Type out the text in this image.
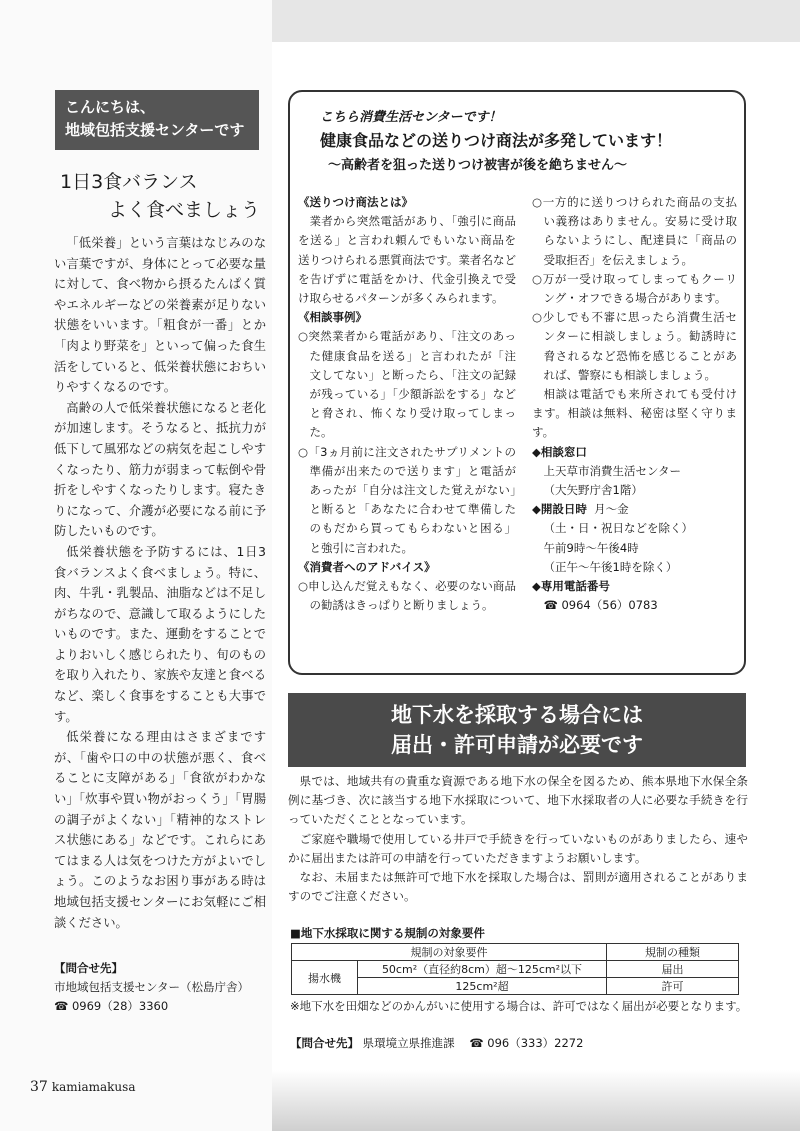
こんにちは、
地域包括支援センターです
1日3食バランス
よく食べましょう

「低栄養」という言葉はなじみのない言葉ですが、身体にとって必要な量に対して、食べ物から摂るたんぱく質やエネルギーなどの栄養素が足りない状態をいいます。「粗食が一番」とか「肉より野菜を」といって偏った食生活をしていると、低栄養状態におちいりやすくなるのです。

高齢の人で低栄養状態になると老化が加速します。そうなると、抵抗力が低下して風邪などの病気を起こしやすくなったり、筋力が弱まって転倒や骨折をしやすくなったりします。寝たきりになって、介護が必要になる前に予防したいものです。

低栄養状態を予防するには、1日3食バランスよく食べましょう。特に、肉、牛乳・乳製品、油脂などは不足しがちなので、意識して取るようにしたいものです。また、運動をすることでよりおいしく感じられたり、旬のものを取り入れたり、家族や友達と食べるなど、楽しく食事をすることも大事です。

低栄養になる理由はさまざまですが、「歯や口の中の状態が悪く、食べることに支障がある」「食欲がわかない」「炊事や買い物がおっくう」「胃腸の調子がよくない」「精神的なストレス状態にある」などです。これらにあてはまる人は気をつけた方がよいでしょう。このようなお困り事がある時は地域包括支援センターにお気軽にご相談ください。

【問合せ先】
市地域包括支援センター（松島庁舎）
☎ 0969（28）3360
37 kamiamakusa
こちら消費生活センターです！
健康食品などの送りつけ商法が多発しています！
～高齢者を狙った送りつけ被害が後を絶ちません～
《送りつけ商法とは》
業者から突然電話があり、「強引に商品を送る」と言われ頼んでもいない商品を送りつけられる悪質商法です。業者名などを告げずに電話をかけ、代金引換えで受け取らせるパターンが多くみられます。
《相談事例》
○突然業者から電話があり、「注文のあった健康食品を送る」と言われたが「注文してない」と断ったら、「注文の記録が残っている」「少額訴訟をする」などと脅され、怖くなり受け取ってしまった。
○「3ヵ月前に注文されたサプリメントの準備が出来たので送ります」と電話があったが「自分は注文した覚えがない」と断ると「あなたに合わせて準備したのもだから買ってもらわないと困る」と強引に言われた。
《消費者へのアドバイス》
○申し込んだ覚えもなく、必要のない商品の勧誘はきっぱりと断りましょう。
○一方的に送りつけられた商品の支払い義務はありません。安易に受け取らないようにし、配達員に「商品の受取拒否」を伝えましょう。
○万が一受け取ってしまってもクーリング・オフできる場合があります。
○少しでも不審に思ったら消費生活センターに相談しましょう。勧誘時に脅されるなど恐怖を感じることがあれば、警察にも相談しましょう。
相談は電話でも来所されても受付けます。相談は無料、秘密は堅く守ります。
◆相談窓口
上天草市消費生活センター
（大矢野庁舎1階）
◆開設日時 月～金
（土・日・祝日などを除く）
午前9時～午後4時
（正午～午後1時を除く）
◆専用電話番号
☎ 0964（56）0783
地下水を採取する場合には
届出・許可申請が必要です

県では、地域共有の貴重な資源である地下水の保全を図るため、熊本県地下水保全条例に基づき、次に該当する地下水採取について、地下水採取者の人に必要な手続きを行っていただくこととなっています。

ご家庭や職場で使用している井戸で手続きを行っていないものがありましたら、速やかに届出または許可の申請を行っていただきますようお願いします。

なお、未届または無許可で地下水を採取した場合は、罰則が適用されることがありますのでご注意ください。

■地下水採取に関する規制の対象要件
規制の対象要件		規制の種類
揚水機	50cm²（直径約8cm）超～125cm²以下	届出
	125cm²超	許可
※地下水を田畑などのかんがいに使用する場合は、許可ではなく届出が必要となります。
【問合せ先】 県環境立県推進課 ☎ 096（333）2272
